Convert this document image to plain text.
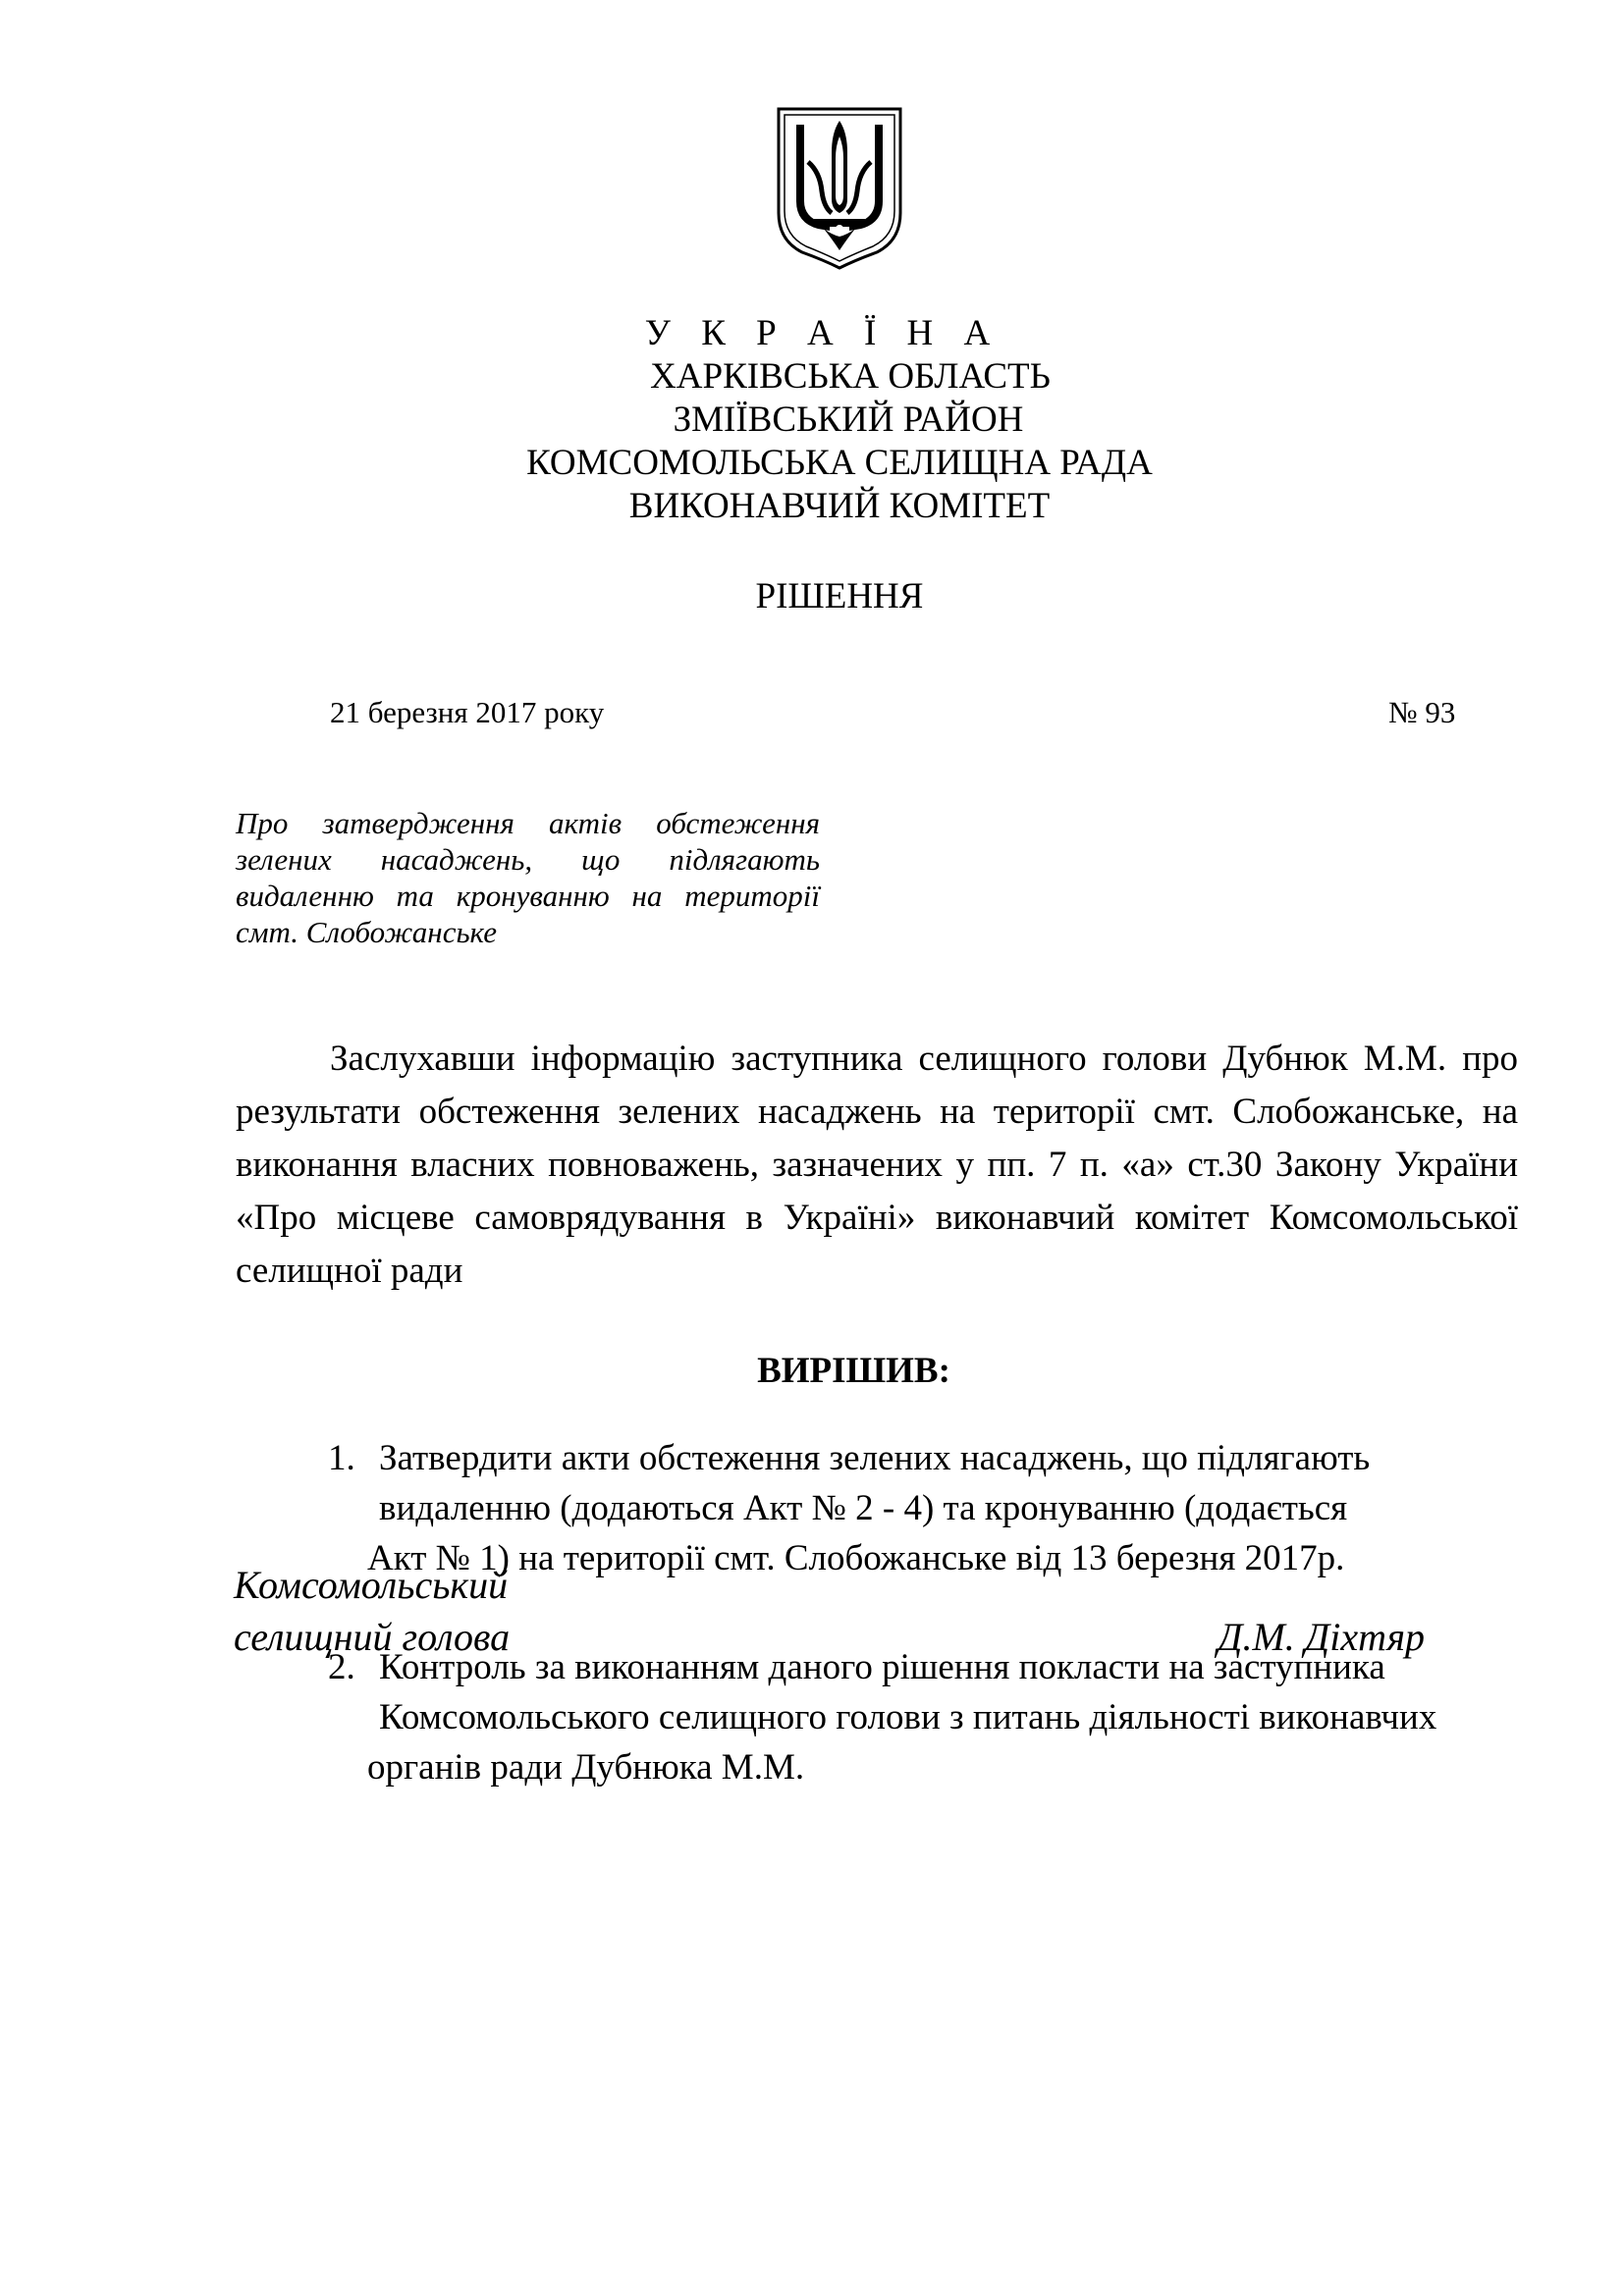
У К Р А Ї Н А
ХАРКІВСЬКА ОБЛАСТЬ
ЗМІЇВСЬКИЙ РАЙОН
КОМСОМОЛЬСЬКА СЕЛИЩНА РАДА
ВИКОНАВЧИЙ КОМІТЕТ
РІШЕННЯ
21 березня 2017 року	№ 93
Про затвердження актів обстеження зелених насаджень, що підлягають видаленню та кронуванню на території смт. Слобожанське
Заслухавши інформацію заступника селищного голови Дубнюк М.М. про результати обстеження зелених насаджень на території смт. Слобожанське, на виконання власних повноважень, зазначених у пп. 7 п. «а» ст.30 Закону України «Про місцеве самоврядування в Україні» виконавчий комітет Комсомольської селищної ради
ВИРІШИВ:
1. Затвердити акти обстеження зелених насаджень, що підлягають
видаленню (додаються Акт № 2 - 4) та кронуванню (додається
Акт № 1) на території смт. Слобожанське від 13 березня 2017р.
2. Контроль за виконанням даного рішення покласти на заступника
Комсомольського селищного голови з питань діяльності виконавчих
органів ради Дубнюка М.М.
Комсомольський
селищний голова	Д.М. Діхтяр
